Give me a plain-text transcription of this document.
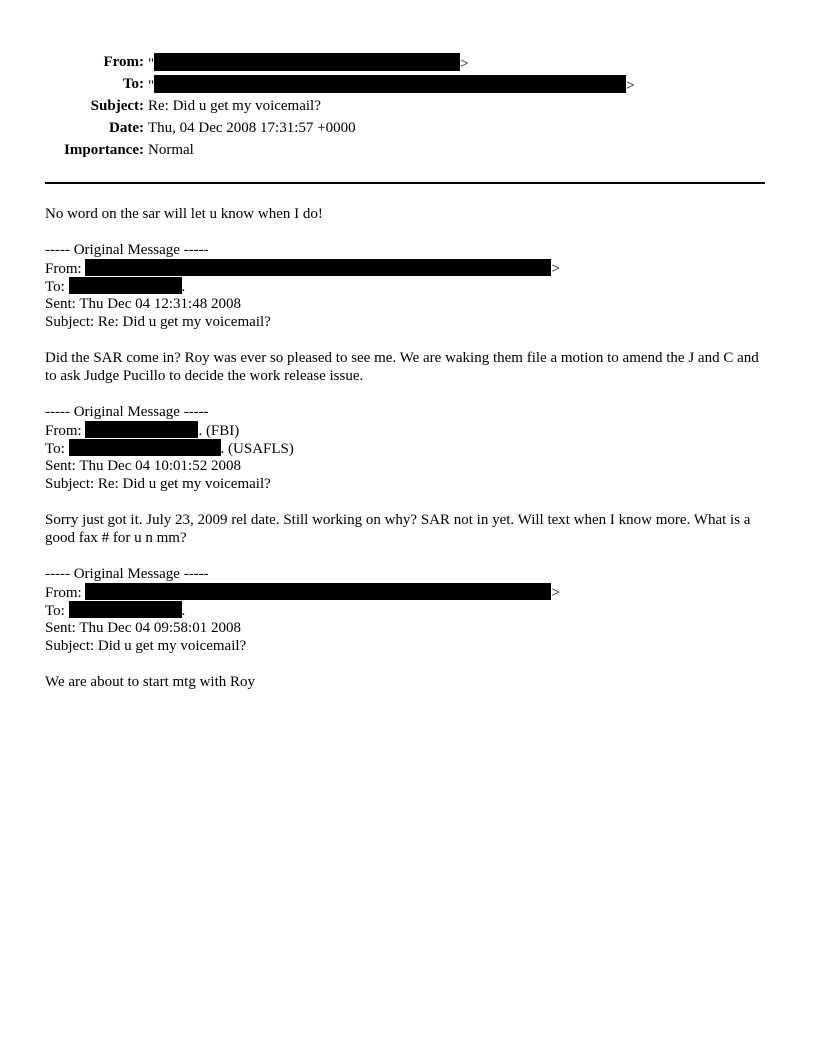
From: "	>
To: "	>
Subject: Re: Did u get my voicemail?
Date: Thu, 04 Dec 2008 17:31:57 +0000
Importance: Normal
No word on the sar will let u know when I do!
----- Original Message -----
From:	>
To:	.
Sent: Thu Dec 04 12:31:48 2008
Subject: Re: Did u get my voicemail?
Did the SAR come in? Roy was ever so pleased to see me. We are waking them file a motion to amend the J and C and to ask Judge Pucillo to decide the work release issue.
----- Original Message -----
From:	. (FBI)
To:	. (USAFLS)
Sent: Thu Dec 04 10:01:52 2008
Subject: Re: Did u get my voicemail?
Sorry just got it. July 23, 2009 rel date. Still working on why? SAR not in yet. Will text when I know more. What is a good fax # for u n mm?
----- Original Message -----
From:	>
To:	.
Sent: Thu Dec 04 09:58:01 2008
Subject: Did u get my voicemail?
We are about to start mtg with Roy
